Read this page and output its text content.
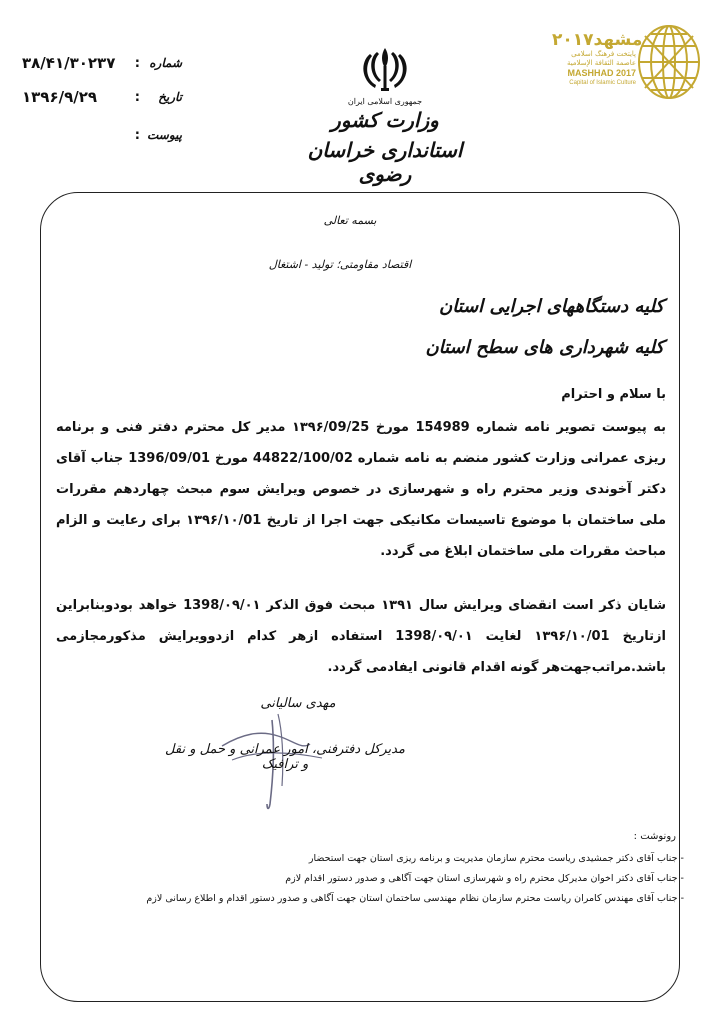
شماره
:
۳۸/۴۱/۳۰۲۳۷
تاریخ
:
۱۳۹۶/۹/۲۹
پیوست
:
جمهوری اسلامی ایران
وزارت کشور
استانداری خراسان رضوی
مشهد۲۰۱۷
پایتخت فرهنگ اسلامی
عاصمة الثقافة الإسلامية
MASHHAD 2017
Capital of Islamic Culture
بسمه تعالی
اقتصاد مقاومتی؛ تولید - اشتغال
کلیه دستگاههای اجرایی استان
کلیه شهرداری های سطح استان
با سلام و احترام
به پیوست تصویر نامه شماره 154989 مورخ ۱۳۹۶/09/25 مدیر کل محترم دفتر فنی و برنامه ریزی عمرانی وزارت کشور منضم به نامه شماره 44822/100/02 مورخ 1396/09/01 جناب آقای دکتر آخوندی وزیر محترم راه و شهرسازی در خصوص ویرایش سوم مبحث چهاردهم مقررات ملی ساختمان با موضوع تاسیسات مکانیکی جهت اجرا از تاریخ ۱۳۹۶/۱۰/01 برای رعایت و الزام مباحث مقررات ملی ساختمان ابلاغ می گردد.
شایان ذکر است انقضای ویرایش سال ۱۳۹۱ مبحث فوق الذکر 1398/۰۹/۰۱ خواهد بودوبنابراین ازتاریخ ۱۳۹۶/۱۰/01 لغایت 1398/۰۹/۰۱ استفاده ازهر کدام ازدوویرایش مذکورمجازمی باشد.مراتب‌جهت‌هر گونه اقدام قانونی ایفادمی گردد.
مهدی سالیانی
مدیرکل دفترفنی، امور عمرانی و حمل و نقل و ترافیک
رونوشت :
- جناب آقای دکتر جمشیدی ریاست محترم سازمان مدیریت و برنامه ریزی استان جهت استحضار
- جناب آقای دکتر اخوان مدیرکل محترم راه و شهرسازی استان جهت آگاهی و صدور دستور اقدام لازم
- جناب آقای مهندس کامران ریاست محترم سازمان نظام مهندسی ساختمان استان جهت آگاهی و صدور دستور اقدام و اطلاع رسانی لازم
